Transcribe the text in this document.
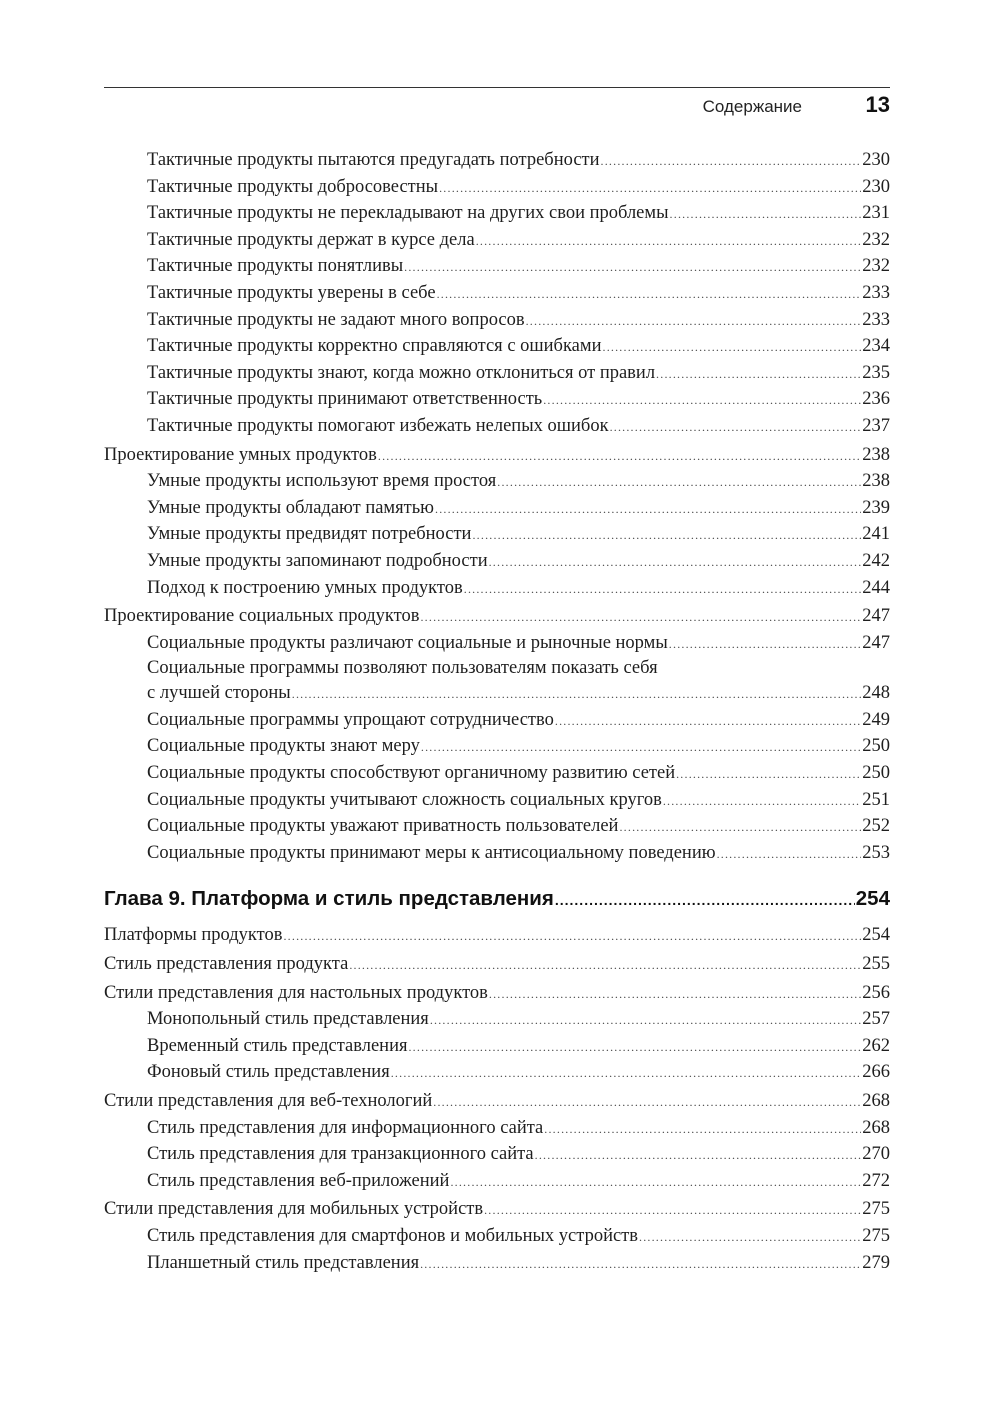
Содержание	13
Тактичные продукты пытаются предугадать потребности .....	230
Тактичные продукты добросовестны .....	230
Тактичные продукты не перекладывают на других свои проблемы .....	231
Тактичные продукты держат в курсе дела .....	232
Тактичные продукты понятливы .....	232
Тактичные продукты уверены в себе .....	233
Тактичные продукты не задают много вопросов .....	233
Тактичные продукты корректно справляются с ошибками .....	234
Тактичные продукты знают, когда можно отклониться от правил .....	235
Тактичные продукты принимают ответственность .....	236
Тактичные продукты помогают избежать нелепых ошибок .....	237
Проектирование умных продуктов .....	238
Умные продукты используют время простоя .....	238
Умные продукты обладают памятью .....	239
Умные продукты предвидят потребности .....	241
Умные продукты запоминают подробности .....	242
Подход к построению умных продуктов .....	244
Проектирование социальных продуктов .....	247
Социальные продукты различают социальные и рыночные нормы .....	247
Социальные программы позволяют пользователям показать себя
с лучшей стороны .....	248
Социальные программы упрощают сотрудничество .....	249
Социальные продукты знают меру .....	250
Социальные продукты способствуют органичному развитию сетей .....	250
Социальные продукты учитывают сложность социальных кругов .....	251
Социальные продукты уважают приватность пользователей .....	252
Социальные продукты принимают меры к антисоциальному поведению .....	253
Глава 9. Платформа и стиль представления .....	254
Платформы продуктов .....	254
Стиль представления продукта .....	255
Стили представления для настольных продуктов .....	256
Монопольный стиль представления .....	257
Временный стиль представления .....	262
Фоновый стиль представления .....	266
Стили представления для веб-технологий .....	268
Стиль представления для информационного сайта .....	268
Стиль представления для транзакционного сайта .....	270
Стиль представления веб-приложений .....	272
Стили представления для мобильных устройств .....	275
Стиль представления для смартфонов и мобильных устройств .....	275
Планшетный стиль представления .....	279
